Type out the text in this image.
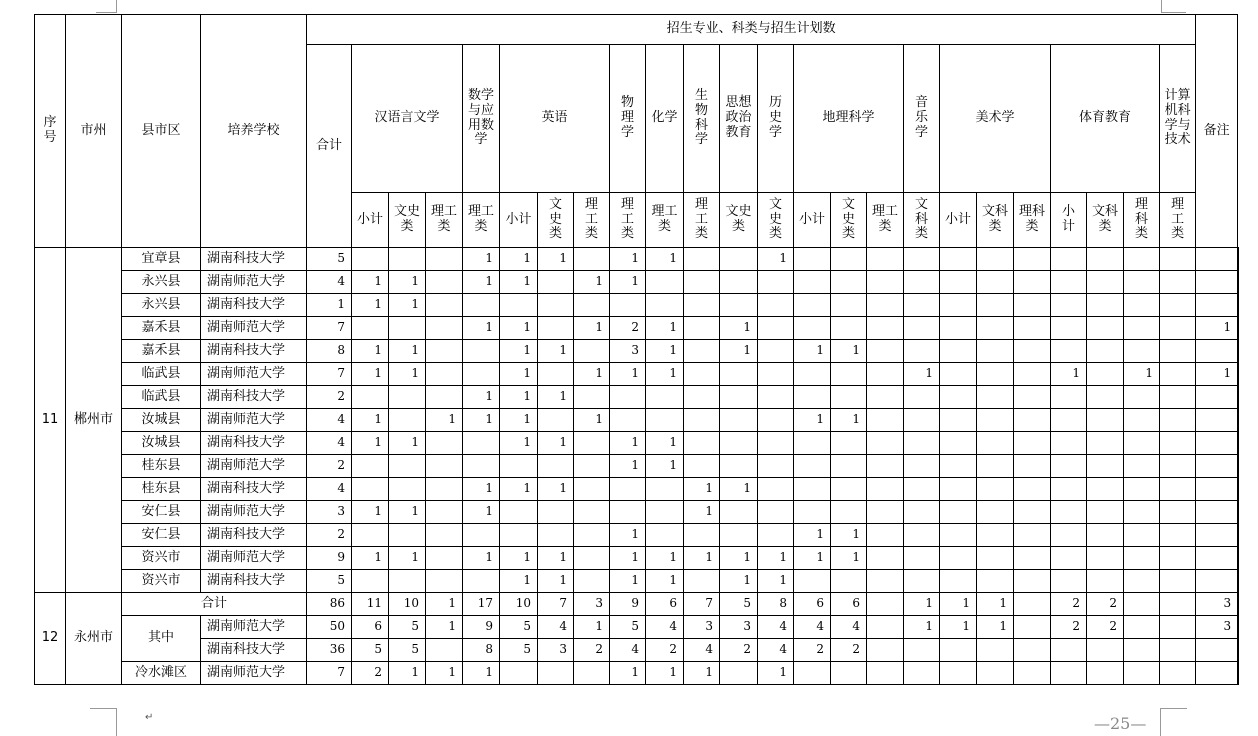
序号	市州	县市区	培养学校	招生专业、科类与招生计划数																								备注	
				合计	汉语言文学			数学与应用数学	英语			物理学	化学	生物科学	思想政治教育	历史学	地理科学			音乐学	美术学			体育教育			计算机科学与技术		
					小计	文史类	理工类	理工类	小计	文史类	理工类	理工类	理工类	理工类	文史类	文史类	小计	文史类	理工类	文科类	小计	文科类	理科类	小计	文科类	理科类	理工类		
11	郴州市	宜章县	湖南科技大学	5				1	1	1		1	1			1													
		永兴县	湖南师范大学	4	1	1		1	1		1	1																	
		永兴县	湖南科技大学	1	1	1																							
		嘉禾县	湖南师范大学	7				1	1		1	2	1		1													1	
		嘉禾县	湖南科技大学	8	1	1			1	1		3	1		1		1	1											
		临武县	湖南师范大学	7	1	1			1		1	1	1							1				1		1		1	
		临武县	湖南科技大学	2				1	1	1																			
		汝城县	湖南师范大学	4	1		1	1	1		1						1	1											
		汝城县	湖南科技大学	4	1	1			1	1		1	1																
		桂东县	湖南师范大学	2								1	1																
		桂东县	湖南科技大学	4				1	1	1				1	1														
		安仁县	湖南师范大学	3	1	1		1						1															
		安仁县	湖南科技大学	2								1					1	1											
		资兴市	湖南师范大学	9	1	1		1	1	1		1	1	1	1	1	1	1											
		资兴市	湖南科技大学	5					1	1		1	1		1	1													
12	永州市	合计		86	11	10	1	17	10	7	3	9	6	7	5	8	6	6		1	1	1		2	2			3	
		其中	湖南师范大学	50	6	5	1	9	5	4	1	5	4	3	3	4	4	4		1	1	1		2	2			3	
			湖南科技大学	36	5	5		8	5	3	2	4	2	4	2	4	2	2											
		冷水滩区	湖南师范大学	7	2	1	1	1				1	1	1		1													
↵	—25—
